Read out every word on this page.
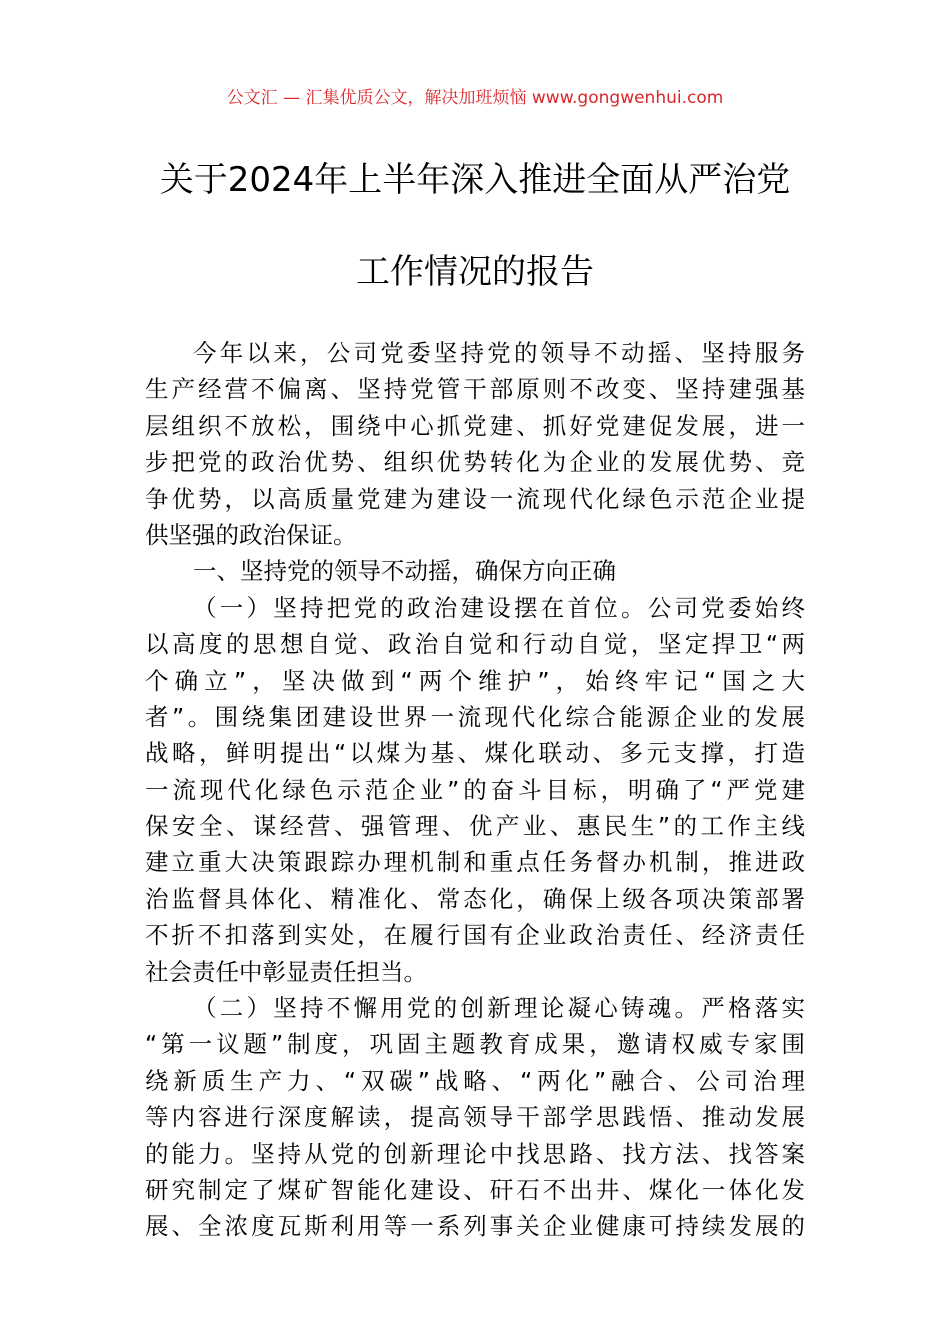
公文汇 — 汇集优质公文，解决加班烦恼 www.gongwenhui.com
关于2024年上半年深入推进全面从严治党
工作情况的报告
今年以来，公司党委坚持党的领导不动摇、坚持服务
生产经营不偏离、坚持党管干部原则不改变、坚持建强基
层组织不放松，围绕中心抓党建、抓好党建促发展，进一
步把党的政治优势、组织优势转化为企业的发展优势、竞
争优势，以高质量党建为建设一流现代化绿色示范企业提
供坚强的政治保证。
一、坚持党的领导不动摇，确保方向正确
（一）坚持把党的政治建设摆在首位。公司党委始终
以高度的思想自觉、政治自觉和行动自觉，坚定捍卫“两
个确立”，坚决做到“两个维护”，始终牢记“国之大
者”。围绕集团建设世界一流现代化综合能源企业的发展
战略，鲜明提出“以煤为基、煤化联动、多元支撑，打造
一流现代化绿色示范企业”的奋斗目标，明确了“严党建
保安全、谋经营、强管理、优产业、惠民生”的工作主线
建立重大决策跟踪办理机制和重点任务督办机制，推进政
治监督具体化、精准化、常态化，确保上级各项决策部署
不折不扣落到实处，在履行国有企业政治责任、经济责任
社会责任中彰显责任担当。
（二）坚持不懈用党的创新理论凝心铸魂。严格落实
“第一议题”制度，巩固主题教育成果，邀请权威专家围
绕新质生产力、“双碳”战略、“两化”融合、公司治理
等内容进行深度解读，提高领导干部学思践悟、推动发展
的能力。坚持从党的创新理论中找思路、找方法、找答案
研究制定了煤矿智能化建设、矸石不出井、煤化一体化发
展、全浓度瓦斯利用等一系列事关企业健康可持续发展的
